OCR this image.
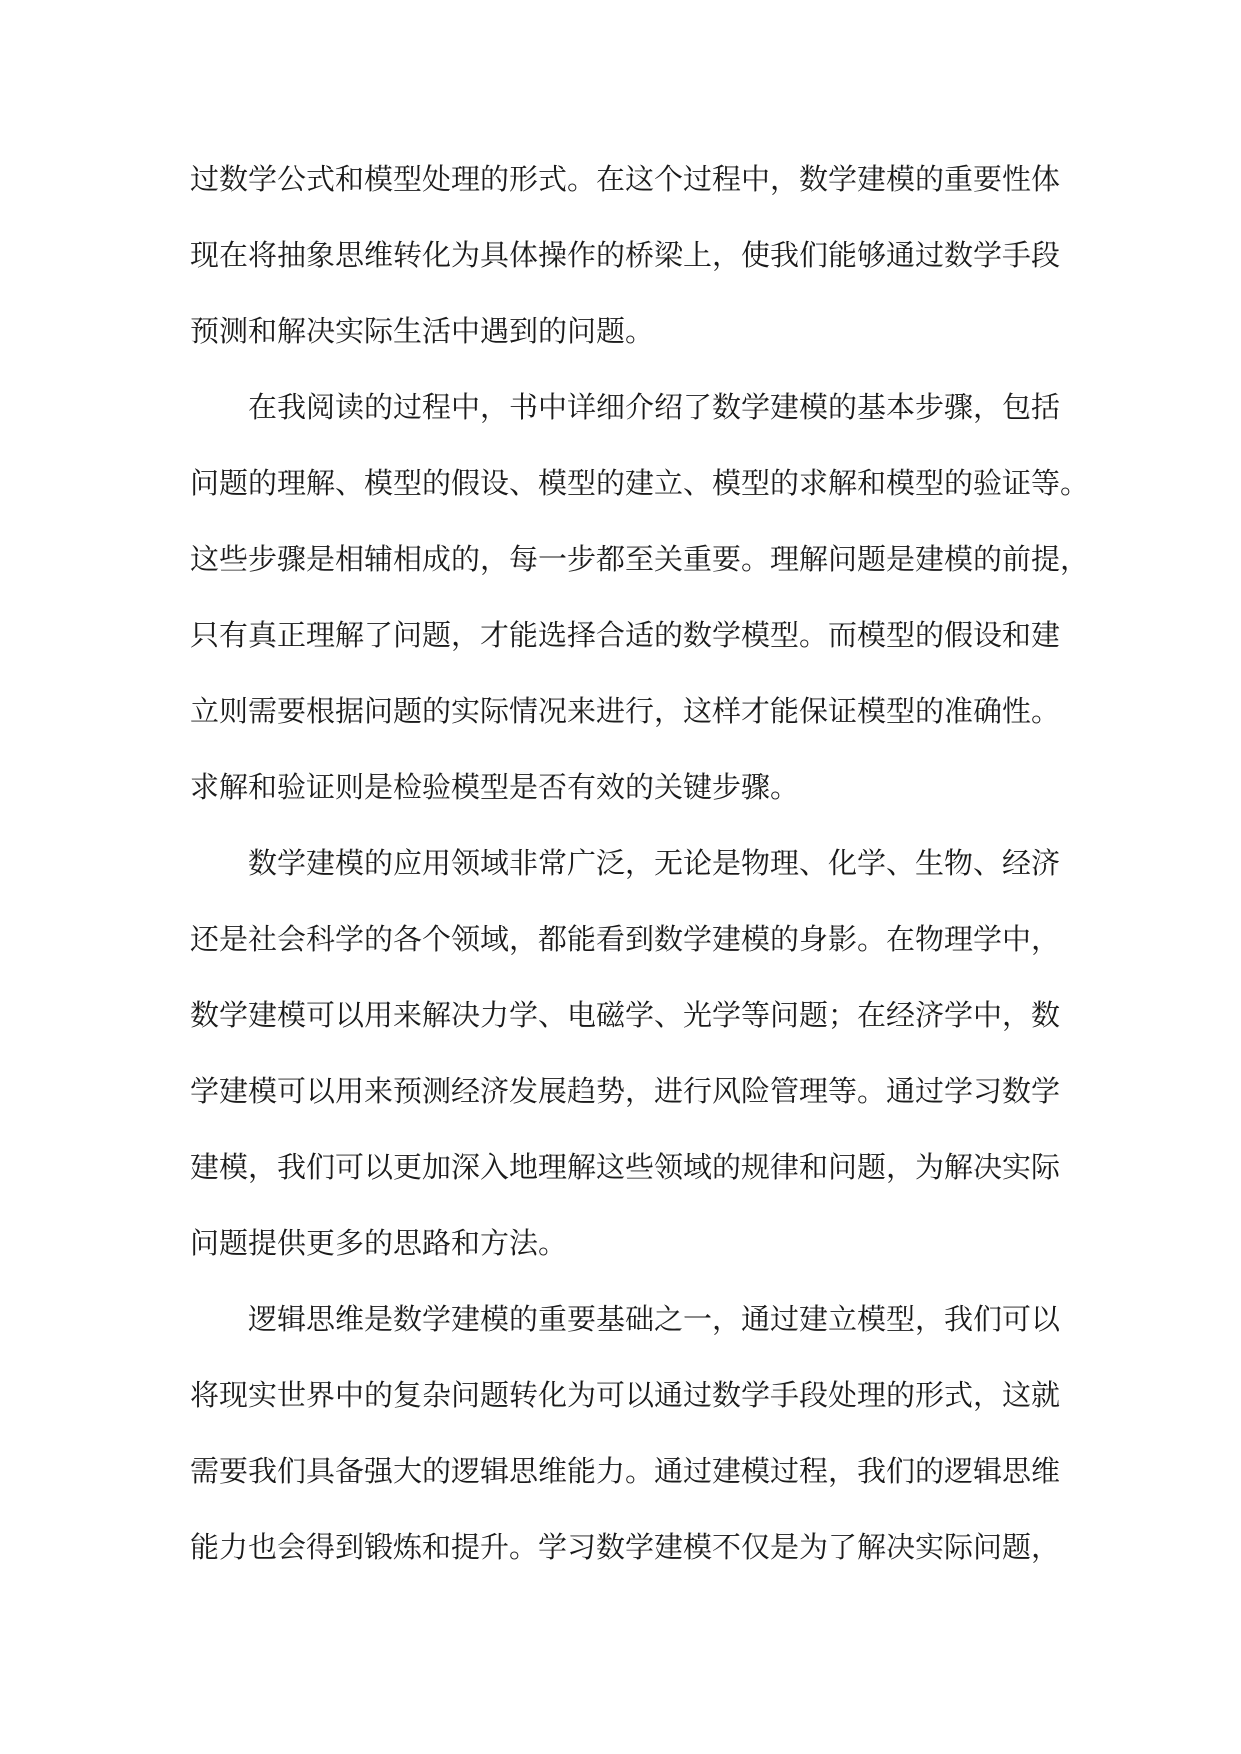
过数学公式和模型处理的形式。在这个过程中，数学建模的重要性体
现在将抽象思维转化为具体操作的桥梁上，使我们能够通过数学手段
预测和解决实际生活中遇到的问题。
在我阅读的过程中，书中详细介绍了数学建模的基本步骤，包括
问题的理解、模型的假设、模型的建立、模型的求解和模型的验证等。
这些步骤是相辅相成的，每一步都至关重要。理解问题是建模的前提，
只有真正理解了问题，才能选择合适的数学模型。而模型的假设和建
立则需要根据问题的实际情况来进行，这样才能保证模型的准确性。
求解和验证则是检验模型是否有效的关键步骤。
数学建模的应用领域非常广泛，无论是物理、化学、生物、经济
还是社会科学的各个领域，都能看到数学建模的身影。在物理学中，
数学建模可以用来解决力学、电磁学、光学等问题；在经济学中，数
学建模可以用来预测经济发展趋势，进行风险管理等。通过学习数学
建模，我们可以更加深入地理解这些领域的规律和问题，为解决实际
问题提供更多的思路和方法。
逻辑思维是数学建模的重要基础之一，通过建立模型，我们可以
将现实世界中的复杂问题转化为可以通过数学手段处理的形式，这就
需要我们具备强大的逻辑思维能力。通过建模过程，我们的逻辑思维
能力也会得到锻炼和提升。学习数学建模不仅是为了解决实际问题，
